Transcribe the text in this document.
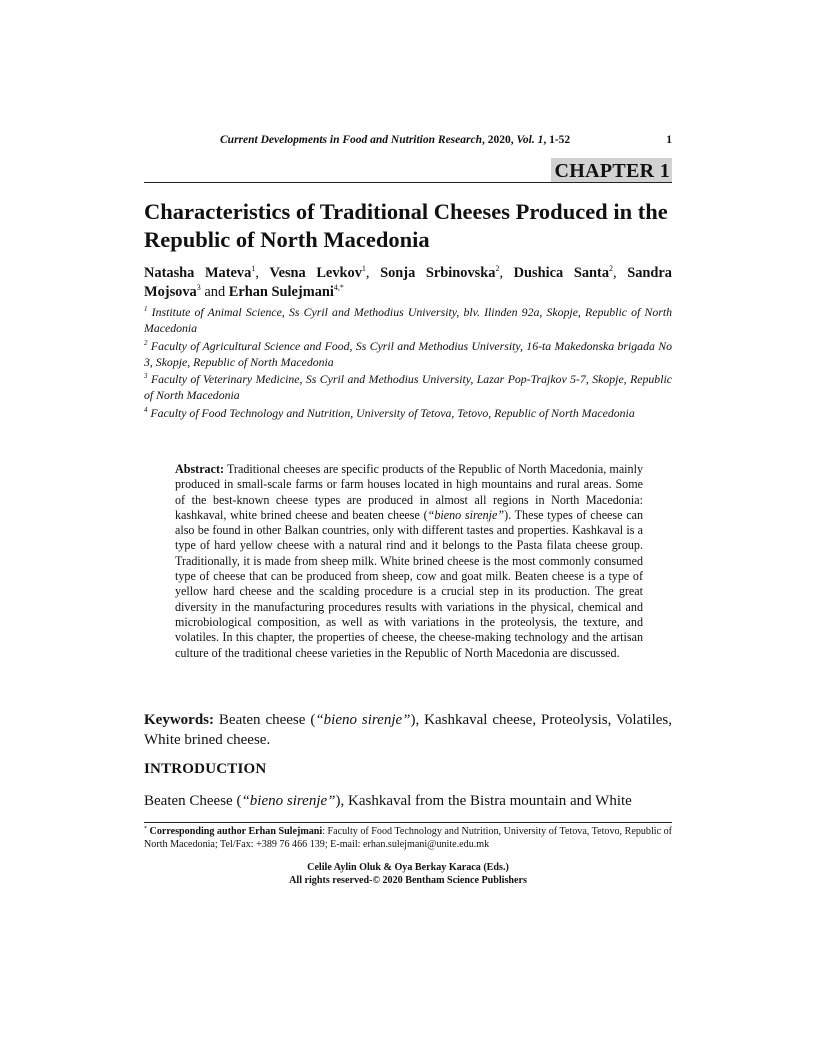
Current Developments in Food and Nutrition Research, 2020, Vol. 1, 1-52	1
CHAPTER 1
Characteristics of Traditional Cheeses Produced in the Republic of North Macedonia
Natasha Mateva$^1$, Vesna Levkov$^1$, Sonja Srbinovska$^2$, Dushica Santa$^2$, Sandra Mojsova$^3$ and Erhan Sulejmani$^{4,*}$
$^1$ Institute of Animal Science, Ss Cyril and Methodius University, blv. Ilinden 92a, Skopje, Republic of North Macedonia
$^2$ Faculty of Agricultural Science and Food, Ss Cyril and Methodius University, 16-ta Makedonska brigada No 3, Skopje, Republic of North Macedonia
$^3$ Faculty of Veterinary Medicine, Ss Cyril and Methodius University, Lazar Pop-Trajkov 5-7, Skopje, Republic of North Macedonia
$^4$ Faculty of Food Technology and Nutrition, University of Tetova, Tetovo, Republic of North Macedonia
Abstract: Traditional cheeses are specific products of the Republic of North Macedonia, mainly produced in small-scale farms or farm houses located in high mountains and rural areas. Some of the best-known cheese types are produced in almost all regions in North Macedonia: kashkaval, white brined cheese and beaten cheese (“bieno sirenje”). These types of cheese can also be found in other Balkan countries, only with different tastes and properties. Kashkaval is a type of hard yellow cheese with a natural rind and it belongs to the Pasta filata cheese group. Traditionally, it is made from sheep milk. White brined cheese is the most commonly consumed type of cheese that can be produced from sheep, cow and goat milk. Beaten cheese is a type of yellow hard cheese and the scalding procedure is a crucial step in its production. The great diversity in the manufacturing procedures results with variations in the physical, chemical and microbiological composition, as well as with variations in the proteolysis, the texture, and volatiles. In this chapter, the properties of cheese, the cheese-making technology and the artisan culture of the traditional cheese varieties in the Republic of North Macedonia are discussed.
Keywords: Beaten cheese (“bieno sirenje”), Kashkaval cheese, Proteolysis, Volatiles, White brined cheese.
INTRODUCTION
Beaten Cheese (“bieno sirenje”), Kashkaval from the Bistra mountain and White
* Corresponding author Erhan Sulejmani: Faculty of Food Technology and Nutrition, University of Tetova, Tetovo, Republic of North Macedonia; Tel/Fax: +389 76 466 139; E-mail: erhan.sulejmani@unite.edu.mk
Celile Aylin Oluk & Oya Berkay Karaca (Eds.)
All rights reserved-© 2020 Bentham Science Publishers
